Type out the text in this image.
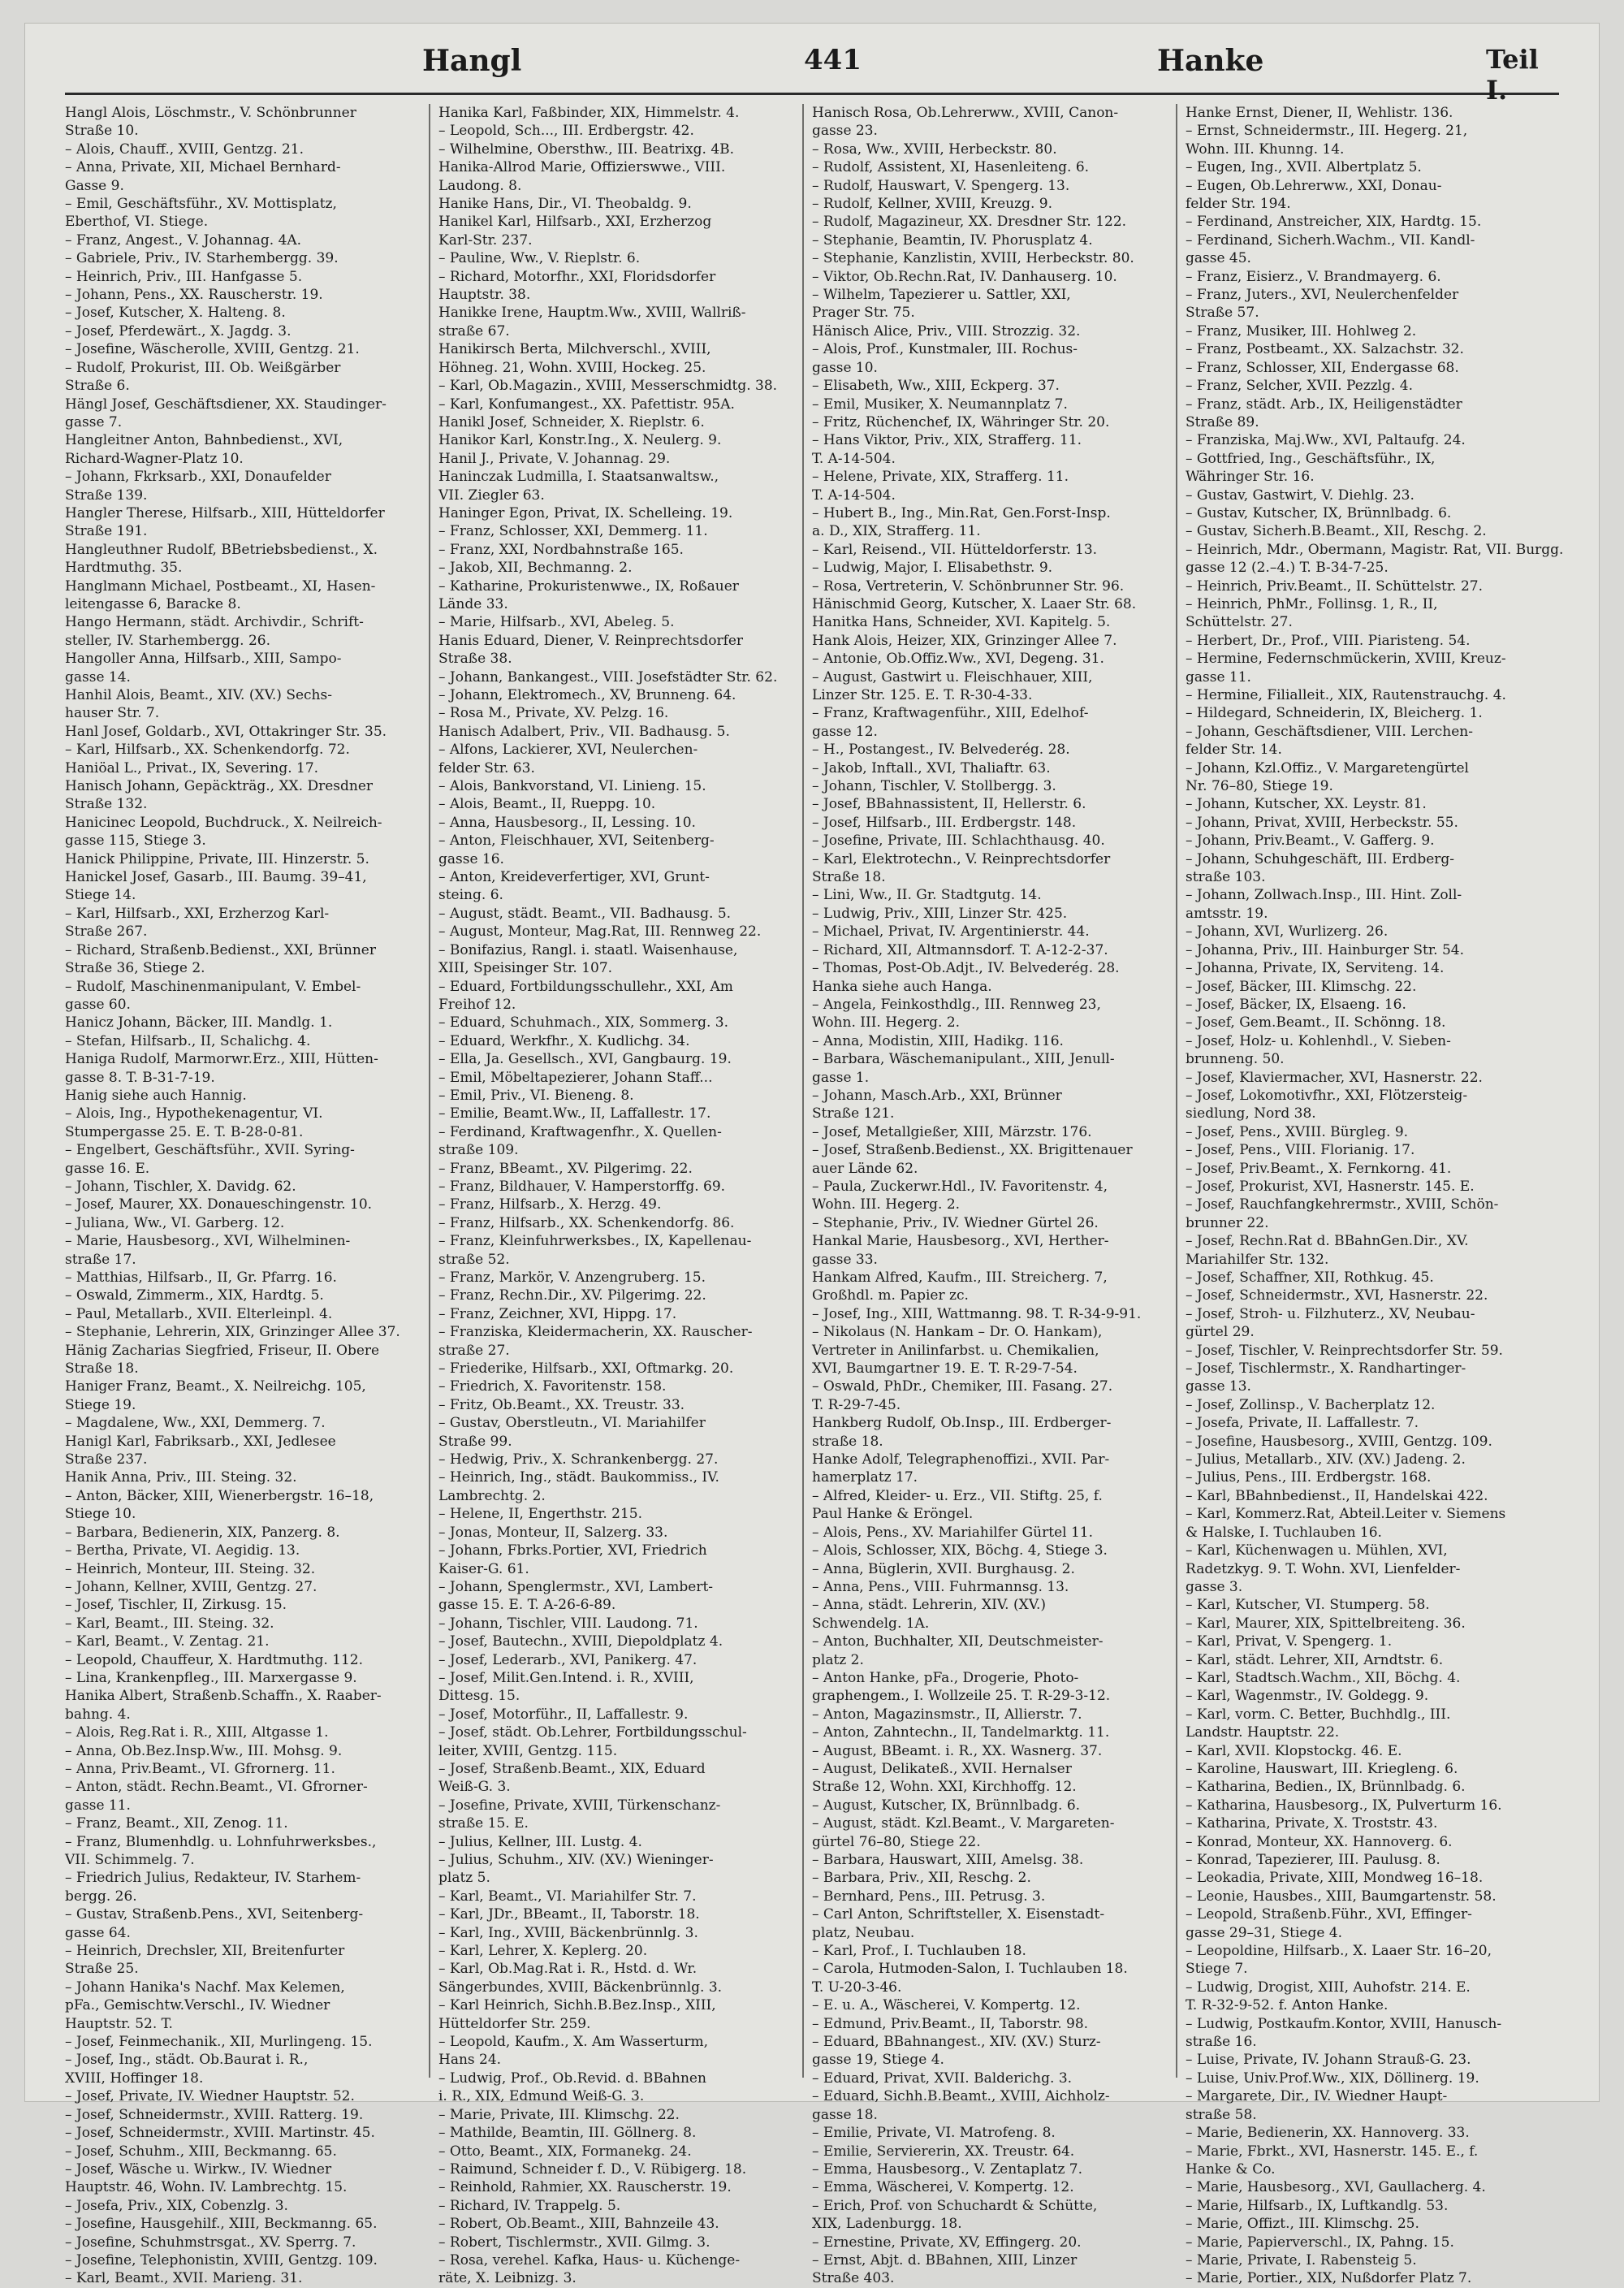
Hangl	441	Hanke	Teil I.

Hangl Alois, Löschmstr., V. Schönbrunner

Straße 10.

– Alois, Chauff., XVIII, Gentzg. 21.

– Anna, Private, XII, Michael Bernhard-

Gasse 9.

– Emil, Geschäftsführ., XV. Mottisplatz,

Eberthof, VI. Stiege.

– Franz, Angest., V. Johannag. 4A.

– Gabriele, Priv., IV. Starhembergg. 39.

– Heinrich, Priv., III. Hanfgasse 5.

– Johann, Pens., XX. Rauscherstr. 19.

– Josef, Kutscher, X. Halteng. 8.

– Josef, Pferdewärt., X. Jagdg. 3.

– Josefine, Wäscherolle, XVIII, Gentzg. 21.

– Rudolf, Prokurist, III. Ob. Weißgärber

Straße 6.

Hängl Josef, Geschäftsdiener, XX. Staudinger-

gasse 7.

Hangleitner Anton, Bahnbedienst., XVI,

Richard-Wagner-Platz 10.

– Johann, Fkrksarb., XXI, Donaufelder

Straße 139.

Hangler Therese, Hilfsarb., XIII, Hütteldorfer

Straße 191.

Hangleuthner Rudolf, BBetriebsbedienst., X.

Hardtmuthg. 35.

Hanglmann Michael, Postbeamt., XI, Hasen-

leitengasse 6, Baracke 8.

Hango Hermann, städt. Archivdir., Schrift-

steller, IV. Starhembergg. 26.

Hangoller Anna, Hilfsarb., XIII, Sampo-

gasse 14.

Hanhil Alois, Beamt., XIV. (XV.) Sechs-

hauser Str. 7.

Hanl Josef, Goldarb., XVI, Ottakringer Str. 35.

– Karl, Hilfsarb., XX. Schenkendorfg. 72.

Haniöal L., Privat., IX, Severing. 17.

Hanisch Johann, Gepäckträg., XX. Dresdner

Straße 132.

Hanicinec Leopold, Buchdruck., X. Neilreich-

gasse 115, Stiege 3.

Hanick Philippine, Private, III. Hinzerstr. 5.

Hanickel Josef, Gasarb., III. Baumg. 39–41,

Stiege 14.

– Karl, Hilfsarb., XXI, Erzherzog Karl-

Straße 267.

– Richard, Straßenb.Bedienst., XXI, Brünner

Straße 36, Stiege 2.

– Rudolf, Maschinenmanipulant, V. Embel-

gasse 60.

Hanicz Johann, Bäcker, III. Mandlg. 1.

– Stefan, Hilfsarb., II, Schalichg. 4.

Haniga Rudolf, Marmorwr.Erz., XIII, Hütten-

gasse 8. T. B-31-7-19.

Hanig siehe auch Hannig.

– Alois, Ing., Hypothekenagentur, VI.

Stumpergasse 25. E. T. B-28-0-81.

– Engelbert, Geschäftsführ., XVII. Syring-

gasse 16. E.

– Johann, Tischler, X. Davidg. 62.

– Josef, Maurer, XX. Donaueschingenstr. 10.

– Juliana, Ww., VI. Garberg. 12.

– Marie, Hausbesorg., XVI, Wilhelminen-

straße 17.

– Matthias, Hilfsarb., II, Gr. Pfarrg. 16.

– Oswald, Zimmerm., XIX, Hardtg. 5.

– Paul, Metallarb., XVII. Elterleinpl. 4.

– Stephanie, Lehrerin, XIX, Grinzinger Allee 37.

Hänig Zacharias Siegfried, Friseur, II. Obere

Straße 18.

Haniger Franz, Beamt., X. Neilreichg. 105,

Stiege 19.

– Magdalene, Ww., XXI, Demmerg. 7.

Hanigl Karl, Fabriksarb., XXI, Jedlesee

Straße 237.

Hanik Anna, Priv., III. Steing. 32.

– Anton, Bäcker, XIII, Wienerbergstr. 16–18,

Stiege 10.

– Barbara, Bedienerin, XIX, Panzerg. 8.

– Bertha, Private, VI. Aegidig. 13.

– Heinrich, Monteur, III. Steing. 32.

– Johann, Kellner, XVIII, Gentzg. 27.

– Josef, Tischler, II, Zirkusg. 15.

– Karl, Beamt., III. Steing. 32.

– Karl, Beamt., V. Zentag. 21.

– Leopold, Chauffeur, X. Hardtmuthg. 112.

– Lina, Krankenpfleg., III. Marxergasse 9.

Hanika Albert, Straßenb.Schaffn., X. Raaber-

bahng. 4.

– Alois, Reg.Rat i. R., XIII, Altgasse 1.

– Anna, Ob.Bez.Insp.Ww., III. Mohsg. 9.

– Anna, Priv.Beamt., VI. Gfrornerg. 11.

– Anton, städt. Rechn.Beamt., VI. Gfrorner-

gasse 11.

– Franz, Beamt., XII, Zenog. 11.

– Franz, Blumenhdlg. u. Lohnfuhrwerksbes.,

VII. Schimmelg. 7.

– Friedrich Julius, Redakteur, IV. Starhem-

bergg. 26.

– Gustav, Straßenb.Pens., XVI, Seitenberg-

gasse 64.

– Heinrich, Drechsler, XII, Breitenfurter

Straße 25.

– Johann Hanika's Nachf. Max Kelemen,

pFa., Gemischtw.Verschl., IV. Wiedner

Hauptstr. 52. T.

– Josef, Feinmechanik., XII, Murlingeng. 15.

– Josef, Ing., städt. Ob.Baurat i. R.,

XVIII, Hoffinger 18.

– Josef, Private, IV. Wiedner Hauptstr. 52.

– Josef, Schneidermstr., XVIII. Ratterg. 19.

– Josef, Schneidermstr., XVIII. Martinstr. 45.

– Josef, Schuhm., XIII, Beckmanng. 65.

– Josef, Wäsche u. Wirkw., IV. Wiedner

Hauptstr. 46, Wohn. IV. Lambrechtg. 15.

– Josefa, Priv., XIX, Cobenzlg. 3.

– Josefine, Hausgehilf., XIII, Beckmanng. 65.

– Josefine, Schuhmstrsgat., XV. Sperrg. 7.

– Josefine, Telephonistin, XVIII, Gentzg. 109.

– Karl, Beamt., XVII. Marieng. 31.

Hanika Karl, Faßbinder, XIX, Himmelstr. 4.

– Leopold, Sch..., III. Erdbergstr. 42.

– Wilhelmine, Obersthw., III. Beatrixg. 4B.

Hanika-Allrod Marie, Offizierswwe., VIII.

Laudong. 8.

Hanike Hans, Dir., VI. Theobaldg. 9.

Hanikel Karl, Hilfsarb., XXI, Erzherzog

Karl-Str. 237.

– Pauline, Ww., V. Rieplstr. 6.

– Richard, Motorfhr., XXI, Floridsdorfer

Hauptstr. 38.

Hanikke Irene, Hauptm.Ww., XVIII, Wallriß-

straße 67.

Hanikirsch Berta, Milchverschl., XVIII,

Höhneg. 21, Wohn. XVIII, Hockeg. 25.

– Karl, Ob.Magazin., XVIII, Messerschmidtg. 38.

– Karl, Konfumangest., XX. Pafettistr. 95A.

Hanikl Josef, Schneider, X. Rieplstr. 6.

Hanikor Karl, Konstr.Ing., X. Neulerg. 9.

Hanil J., Private, V. Johannag. 29.

Haninczak Ludmilla, I. Staatsanwaltsw.,

VII. Ziegler 63.

Haninger Egon, Privat, IX. Schelleing. 19.

– Franz, Schlosser, XXI, Demmerg. 11.

– Franz, XXI, Nordbahnstraße 165.

– Jakob, XII, Bechmanng. 2.

– Katharine, Prokuristenwwe., IX, Roßauer

Lände 33.

– Marie, Hilfsarb., XVI, Abeleg. 5.

Hanis Eduard, Diener, V. Reinprechtsdorfer

Straße 38.

– Johann, Bankangest., VIII. Josefstädter Str. 62.

– Johann, Elektromech., XV, Brunneng. 64.

– Rosa M., Private, XV. Pelzg. 16.

Hanisch Adalbert, Priv., VII. Badhausg. 5.

– Alfons, Lackierer, XVI, Neulerchen-

felder Str. 63.

– Alois, Bankvorstand, VI. Linieng. 15.

– Alois, Beamt., II, Rueppg. 10.

– Anna, Hausbesorg., II, Lessing. 10.

– Anton, Fleischhauer, XVI, Seitenberg-

gasse 16.

– Anton, Kreideverfertiger, XVI, Grunt-

steing. 6.

– August, städt. Beamt., VII. Badhausg. 5.

– August, Monteur, Mag.Rat, III. Rennweg 22.

– Bonifazius, Rangl. i. staatl. Waisenhause,

XIII, Speisinger Str. 107.

– Eduard, Fortbildungsschullehr., XXI, Am

Freihof 12.

– Eduard, Schuhmach., XIX, Sommerg. 3.

– Eduard, Werkfhr., X. Kudlichg. 34.

– Ella, Ja. Gesellsch., XVI, Gangbaurg. 19.

– Emil, Möbeltapezierer, Johann Staff...

– Emil, Priv., VI. Bieneng. 8.

– Emilie, Beamt.Ww., II, Laffallestr. 17.

– Ferdinand, Kraftwagenfhr., X. Quellen-

straße 109.

– Franz, BBeamt., XV. Pilgerimg. 22.

– Franz, Bildhauer, V. Hamperstorffg. 69.

– Franz, Hilfsarb., X. Herzg. 49.

– Franz, Hilfsarb., XX. Schenkendorfg. 86.

– Franz, Kleinfuhrwerksbes., IX, Kapellenau-

straße 52.

– Franz, Markör, V. Anzengruberg. 15.

– Franz, Rechn.Dir., XV. Pilgerimg. 22.

– Franz, Zeichner, XVI, Hippg. 17.

– Franziska, Kleidermacherin, XX. Rauscher-

straße 27.

– Friederike, Hilfsarb., XXI, Oftmarkg. 20.

– Friedrich, X. Favoritenstr. 158.

– Fritz, Ob.Beamt., XX. Treustr. 33.

– Gustav, Oberstleutn., VI. Mariahilfer

Straße 99.

– Hedwig, Priv., X. Schrankenbergg. 27.

– Heinrich, Ing., städt. Baukommiss., IV.

Lambrechtg. 2.

– Helene, II, Engerthstr. 215.

– Jonas, Monteur, II, Salzerg. 33.

– Johann, Fbrks.Portier, XVI, Friedrich

Kaiser-G. 61.

– Johann, Spenglermstr., XVI, Lambert-

gasse 15. E. T. A-26-6-89.

– Johann, Tischler, VIII. Laudong. 71.

– Josef, Bautechn., XVIII, Diepoldplatz 4.

– Josef, Lederarb., XVI, Panikerg. 47.

– Josef, Milit.Gen.Intend. i. R., XVIII,

Dittesg. 15.

– Josef, Motorführ., II, Laffallestr. 9.

– Josef, städt. Ob.Lehrer, Fortbildungsschul-

leiter, XVIII, Gentzg. 115.

– Josef, Straßenb.Beamt., XIX, Eduard

Weiß-G. 3.

– Josefine, Private, XVIII, Türkenschanz-

straße 15. E.

– Julius, Kellner, III. Lustg. 4.

– Julius, Schuhm., XIV. (XV.) Wieninger-

platz 5.

– Karl, Beamt., VI. Mariahilfer Str. 7.

– Karl, JDr., BBeamt., II, Taborstr. 18.

– Karl, Ing., XVIII, Bäckenbrünnlg. 3.

– Karl, Lehrer, X. Keplerg. 20.

– Karl, Ob.Mag.Rat i. R., Hstd. d. Wr.

Sängerbundes, XVIII, Bäckenbrünnlg. 3.

– Karl Heinrich, Sichh.B.Bez.Insp., XIII,

Hütteldorfer Str. 259.

– Leopold, Kaufm., X. Am Wasserturm,

Hans 24.

– Ludwig, Prof., Ob.Revid. d. BBahnen

i. R., XIX, Edmund Weiß-G. 3.

– Marie, Private, III. Klimschg. 22.

– Mathilde, Beamtin, III. Göllnerg. 8.

– Otto, Beamt., XIX, Formanekg. 24.

– Raimund, Schneider f. D., V. Rübigerg. 18.

– Reinhold, Rahmier, XX. Rauscherstr. 19.

– Richard, IV. Trappelg. 5.

– Robert, Ob.Beamt., XIII, Bahnzeile 43.

– Robert, Tischlermstr., XVII. Gilmg. 3.

– Rosa, verehel. Kafka, Haus- u. Küchenge-

räte, X. Leibnizg. 3.

Hanisch Rosa, Ob.Lehrerww., XVIII, Canon-

gasse 23.

– Rosa, Ww., XVIII, Herbeckstr. 80.

– Rudolf, Assistent, XI, Hasenleiteng. 6.

– Rudolf, Hauswart, V. Spengerg. 13.

– Rudolf, Kellner, XVIII, Kreuzg. 9.

– Rudolf, Magazineur, XX. Dresdner Str. 122.

– Stephanie, Beamtin, IV. Phorusplatz 4.

– Stephanie, Kanzlistin, XVIII, Herbeckstr. 80.

– Viktor, Ob.Rechn.Rat, IV. Danhauserg. 10.

– Wilhelm, Tapezierer u. Sattler, XXI,

Prager Str. 75.

Hänisch Alice, Priv., VIII. Strozzig. 32.

– Alois, Prof., Kunstmaler, III. Rochus-

gasse 10.

– Elisabeth, Ww., XIII, Eckperg. 37.

– Emil, Musiker, X. Neumannplatz 7.

– Fritz, Rüchenchef, IX, Währinger Str. 20.

– Hans Viktor, Priv., XIX, Strafferg. 11.

T. A-14-504.

– Helene, Private, XIX, Strafferg. 11.

T. A-14-504.

– Hubert B., Ing., Min.Rat, Gen.Forst-Insp.

a. D., XIX, Strafferg. 11.

– Karl, Reisend., VII. Hütteldorferstr. 13.

– Ludwig, Major, I. Elisabethstr. 9.

– Rosa, Vertreterin, V. Schönbrunner Str. 96.

Hänischmid Georg, Kutscher, X. Laaer Str. 68.

Hanitka Hans, Schneider, XVI. Kapitelg. 5.

Hank Alois, Heizer, XIX, Grinzinger Allee 7.

– Antonie, Ob.Offiz.Ww., XVI, Degeng. 31.

– August, Gastwirt u. Fleischhauer, XIII,

Linzer Str. 125. E. T. R-30-4-33.

– Franz, Kraftwagenführ., XIII, Edelhof-

gasse 12.

– H., Postangest., IV. Belvederég. 28.

– Jakob, Inftall., XVI, Thaliaftr. 63.

– Johann, Tischler, V. Stollbergg. 3.

– Josef, BBahnassistent, II, Hellerstr. 6.

– Josef, Hilfsarb., III. Erdbergstr. 148.

– Josefine, Private, III. Schlachthausg. 40.

– Karl, Elektrotechn., V. Reinprechtsdorfer

Straße 18.

– Lini, Ww., II. Gr. Stadtgutg. 14.

– Ludwig, Priv., XIII, Linzer Str. 425.

– Michael, Privat, IV. Argentinierstr. 44.

– Richard, XII, Altmannsdorf. T. A-12-2-37.

– Thomas, Post-Ob.Adjt., IV. Belvederég. 28.

Hanka siehe auch Hanga.

– Angela, Feinkosthdlg., III. Rennweg 23,

Wohn. III. Hegerg. 2.

– Anna, Modistin, XIII, Hadikg. 116.

– Barbara, Wäschemanipulant., XIII, Jenull-

gasse 1.

– Johann, Masch.Arb., XXI, Brünner

Straße 121.

– Josef, Metallgießer, XIII, Märzstr. 176.

– Josef, Straßenb.Bedienst., XX. Brigittenauer

auer Lände 62.

– Paula, Zuckerwr.Hdl., IV. Favoritenstr. 4,

Wohn. III. Hegerg. 2.

– Stephanie, Priv., IV. Wiedner Gürtel 26.

Hankal Marie, Hausbesorg., XVI, Herther-

gasse 33.

Hankam Alfred, Kaufm., III. Streicherg. 7,

Großhdl. m. Papier zc.

– Josef, Ing., XIII, Wattmanng. 98. T. R-34-9-91.

– Nikolaus (N. Hankam – Dr. O. Hankam),

Vertreter in Anilinfarbst. u. Chemikalien,

XVI, Baumgartner 19. E. T. R-29-7-54.

– Oswald, PhDr., Chemiker, III. Fasang. 27.

T. R-29-7-45.

Hankberg Rudolf, Ob.Insp., III. Erdberger-

straße 18.

Hanke Adolf, Telegraphenoffizi., XVII. Par-

hamerplatz 17.

– Alfred, Kleider- u. Erz., VII. Stiftg. 25, f.

Paul Hanke & Eröngel.

– Alois, Pens., XV. Mariahilfer Gürtel 11.

– Alois, Schlosser, XIX, Böchg. 4, Stiege 3.

– Anna, Büglerin, XVII. Burghausg. 2.

– Anna, Pens., VIII. Fuhrmannsg. 13.

– Anna, städt. Lehrerin, XIV. (XV.)

Schwendelg. 1A.

– Anton, Buchhalter, XII, Deutschmeister-

platz 2.

– Anton Hanke, pFa., Drogerie, Photo-

graphengem., I. Wollzeile 25. T. R-29-3-12.

– Anton, Magazinsmstr., II, Allierstr. 7.

– Anton, Zahntechn., II, Tandelmarktg. 11.

– August, BBeamt. i. R., XX. Wasnerg. 37.

– August, Delikateß., XVII. Hernalser

Straße 12, Wohn. XXI, Kirchhoffg. 12.

– August, Kutscher, IX, Brünnlbadg. 6.

– August, städt. Kzl.Beamt., V. Margareten-

gürtel 76–80, Stiege 22.

– Barbara, Hauswart, XIII, Amelsg. 38.

– Barbara, Priv., XII, Reschg. 2.

– Bernhard, Pens., III. Petrusg. 3.

– Carl Anton, Schriftsteller, X. Eisenstadt-

platz, Neubau.

– Karl, Prof., I. Tuchlauben 18.

– Carola, Hutmoden-Salon, I. Tuchlauben 18.

T. U-20-3-46.

– E. u. A., Wäscherei, V. Kompertg. 12.

– Edmund, Priv.Beamt., II, Taborstr. 98.

– Eduard, BBahnangest., XIV. (XV.) Sturz-

gasse 19, Stiege 4.

– Eduard, Privat, XVII. Balderichg. 3.

– Eduard, Sichh.B.Beamt., XVIII, Aichholz-

gasse 18.

– Emilie, Private, VI. Matrofeng. 8.

– Emilie, Serviererin, XX. Treustr. 64.

– Emma, Hausbesorg., V. Zentaplatz 7.

– Emma, Wäscherei, V. Kompertg. 12.

– Erich, Prof. von Schuchardt & Schütte,

XIX, Ladenburgg. 18.

– Ernestine, Private, XV, Effingerg. 20.

– Ernst, Abjt. d. BBahnen, XIII, Linzer

Straße 403.

Hanke Ernst, Diener, II, Wehlistr. 136.

– Ernst, Schneidermstr., III. Hegerg. 21,

Wohn. III. Khunng. 14.

– Eugen, Ing., XVII. Albertplatz 5.

– Eugen, Ob.Lehrerww., XXI, Donau-

felder Str. 194.

– Ferdinand, Anstreicher, XIX, Hardtg. 15.

– Ferdinand, Sicherh.Wachm., VII. Kandl-

gasse 45.

– Franz, Eisierz., V. Brandmayerg. 6.

– Franz, Juters., XVI, Neulerchenfelder

Straße 57.

– Franz, Musiker, III. Hohlweg 2.

– Franz, Postbeamt., XX. Salzachstr. 32.

– Franz, Schlosser, XII, Endergasse 68.

– Franz, Selcher, XVII. Pezzlg. 4.

– Franz, städt. Arb., IX, Heiligenstädter

Straße 89.

– Franziska, Maj.Ww., XVI, Paltaufg. 24.

– Gottfried, Ing., Geschäftsführ., IX,

Währinger Str. 16.

– Gustav, Gastwirt, V. Diehlg. 23.

– Gustav, Kutscher, IX, Brünnlbadg. 6.

– Gustav, Sicherh.B.Beamt., XII, Reschg. 2.

– Heinrich, Mdr., Obermann, Magistr. Rat, VII. Burgg.

gasse 12 (2.–4.) T. B-34-7-25.

– Heinrich, Priv.Beamt., II. Schüttelstr. 27.

– Heinrich, PhMr., Follinsg. 1, R., II,

Schüttelstr. 27.

– Herbert, Dr., Prof., VIII. Piaristeng. 54.

– Hermine, Federnschmückerin, XVIII, Kreuz-

gasse 11.

– Hermine, Filialleit., XIX, Rautenstrauchg. 4.

– Hildegard, Schneiderin, IX, Bleicherg. 1.

– Johann, Geschäftsdiener, VIII. Lerchen-

felder Str. 14.

– Johann, Kzl.Offiz., V. Margaretengürtel

Nr. 76–80, Stiege 19.

– Johann, Kutscher, XX. Leystr. 81.

– Johann, Privat, XVIII, Herbeckstr. 55.

– Johann, Priv.Beamt., V. Gafferg. 9.

– Johann, Schuhgeschäft, III. Erdberg-

straße 103.

– Johann, Zollwach.Insp., III. Hint. Zoll-

amtsstr. 19.

– Johann, XVI, Wurlizerg. 26.

– Johanna, Priv., III. Hainburger Str. 54.

– Johanna, Private, IX, Serviteng. 14.

– Josef, Bäcker, III. Klimschg. 22.

– Josef, Bäcker, IX, Elsaeng. 16.

– Josef, Gem.Beamt., II. Schönng. 18.

– Josef, Holz- u. Kohlenhdl., V. Sieben-

brunneng. 50.

– Josef, Klaviermacher, XVI, Hasnerstr. 22.

– Josef, Lokomotivfhr., XXI, Flötzersteig-

siedlung, Nord 38.

– Josef, Pens., XVIII. Bürgleg. 9.

– Josef, Pens., VIII. Florianig. 17.

– Josef, Priv.Beamt., X. Fernkorng. 41.

– Josef, Prokurist, XVI, Hasnerstr. 145. E.

– Josef, Rauchfangkehrermstr., XVIII, Schön-

brunner 22.

– Josef, Rechn.Rat d. BBahnGen.Dir., XV.

Mariahilfer Str. 132.

– Josef, Schaffner, XII, Rothkug. 45.

– Josef, Schneidermstr., XVI, Hasnerstr. 22.

– Josef, Stroh- u. Filzhuterz., XV, Neubau-

gürtel 29.

– Josef, Tischler, V. Reinprechtsdorfer Str. 59.

– Josef, Tischlermstr., X. Randhartinger-

gasse 13.

– Josef, Zollinsp., V. Bacherplatz 12.

– Josefa, Private, II. Laffallestr. 7.

– Josefine, Hausbesorg., XVIII, Gentzg. 109.

– Julius, Metallarb., XIV. (XV.) Jadeng. 2.

– Julius, Pens., III. Erdbergstr. 168.

– Karl, BBahnbedienst., II, Handelskai 422.

– Karl, Kommerz.Rat, Abteil.Leiter v. Siemens

& Halske, I. Tuchlauben 16.

– Karl, Küchenwagen u. Mühlen, XVI,

Radetzkyg. 9. T. Wohn. XVI, Lienfelder-

gasse 3.

– Karl, Kutscher, VI. Stumperg. 58.

– Karl, Maurer, XIX, Spittelbreiteng. 36.

– Karl, Privat, V. Spengerg. 1.

– Karl, städt. Lehrer, XII, Arndtstr. 6.

– Karl, Stadtsch.Wachm., XII, Böchg. 4.

– Karl, Wagenmstr., IV. Goldegg. 9.

– Karl, vorm. C. Better, Buchhdlg., III.

Landstr. Hauptstr. 22.

– Karl, XVII. Klopstockg. 46. E.

– Karoline, Hauswart, III. Kriegleng. 6.

– Katharina, Bedien., IX, Brünnlbadg. 6.

– Katharina, Hausbesorg., IX, Pulverturm 16.

– Katharina, Private, X. Troststr. 43.

– Konrad, Monteur, XX. Hannoverg. 6.

– Konrad, Tapezierer, III. Paulusg. 8.

– Leokadia, Private, XIII, Mondweg 16–18.

– Leonie, Hausbes., XIII, Baumgartenstr. 58.

– Leopold, Straßenb.Führ., XVI, Effinger-

gasse 29–31, Stiege 4.

– Leopoldine, Hilfsarb., X. Laaer Str. 16–20,

Stiege 7.

– Ludwig, Drogist, XIII, Auhofstr. 214. E.

T. R-32-9-52. f. Anton Hanke.

– Ludwig, Postkaufm.Kontor, XVIII, Hanusch-

straße 16.

– Luise, Private, IV. Johann Strauß-G. 23.

– Luise, Univ.Prof.Ww., XIX, Döllinerg. 19.

– Margarete, Dir., IV. Wiedner Haupt-

straße 58.

– Marie, Bedienerin, XX. Hannoverg. 33.

– Marie, Fbrkt., XVI, Hasnerstr. 145. E., f.

Hanke & Co.

– Marie, Hausbesorg., XVI, Gaullacherg. 4.

– Marie, Hilfsarb., IX, Luftkandlg. 53.

– Marie, Offizt., III. Klimschg. 25.

– Marie, Papierverschl., IX, Pahng. 15.

– Marie, Private, I. Rabensteig 5.

– Marie, Portier., XIX, Nußdorfer Platz 7.
